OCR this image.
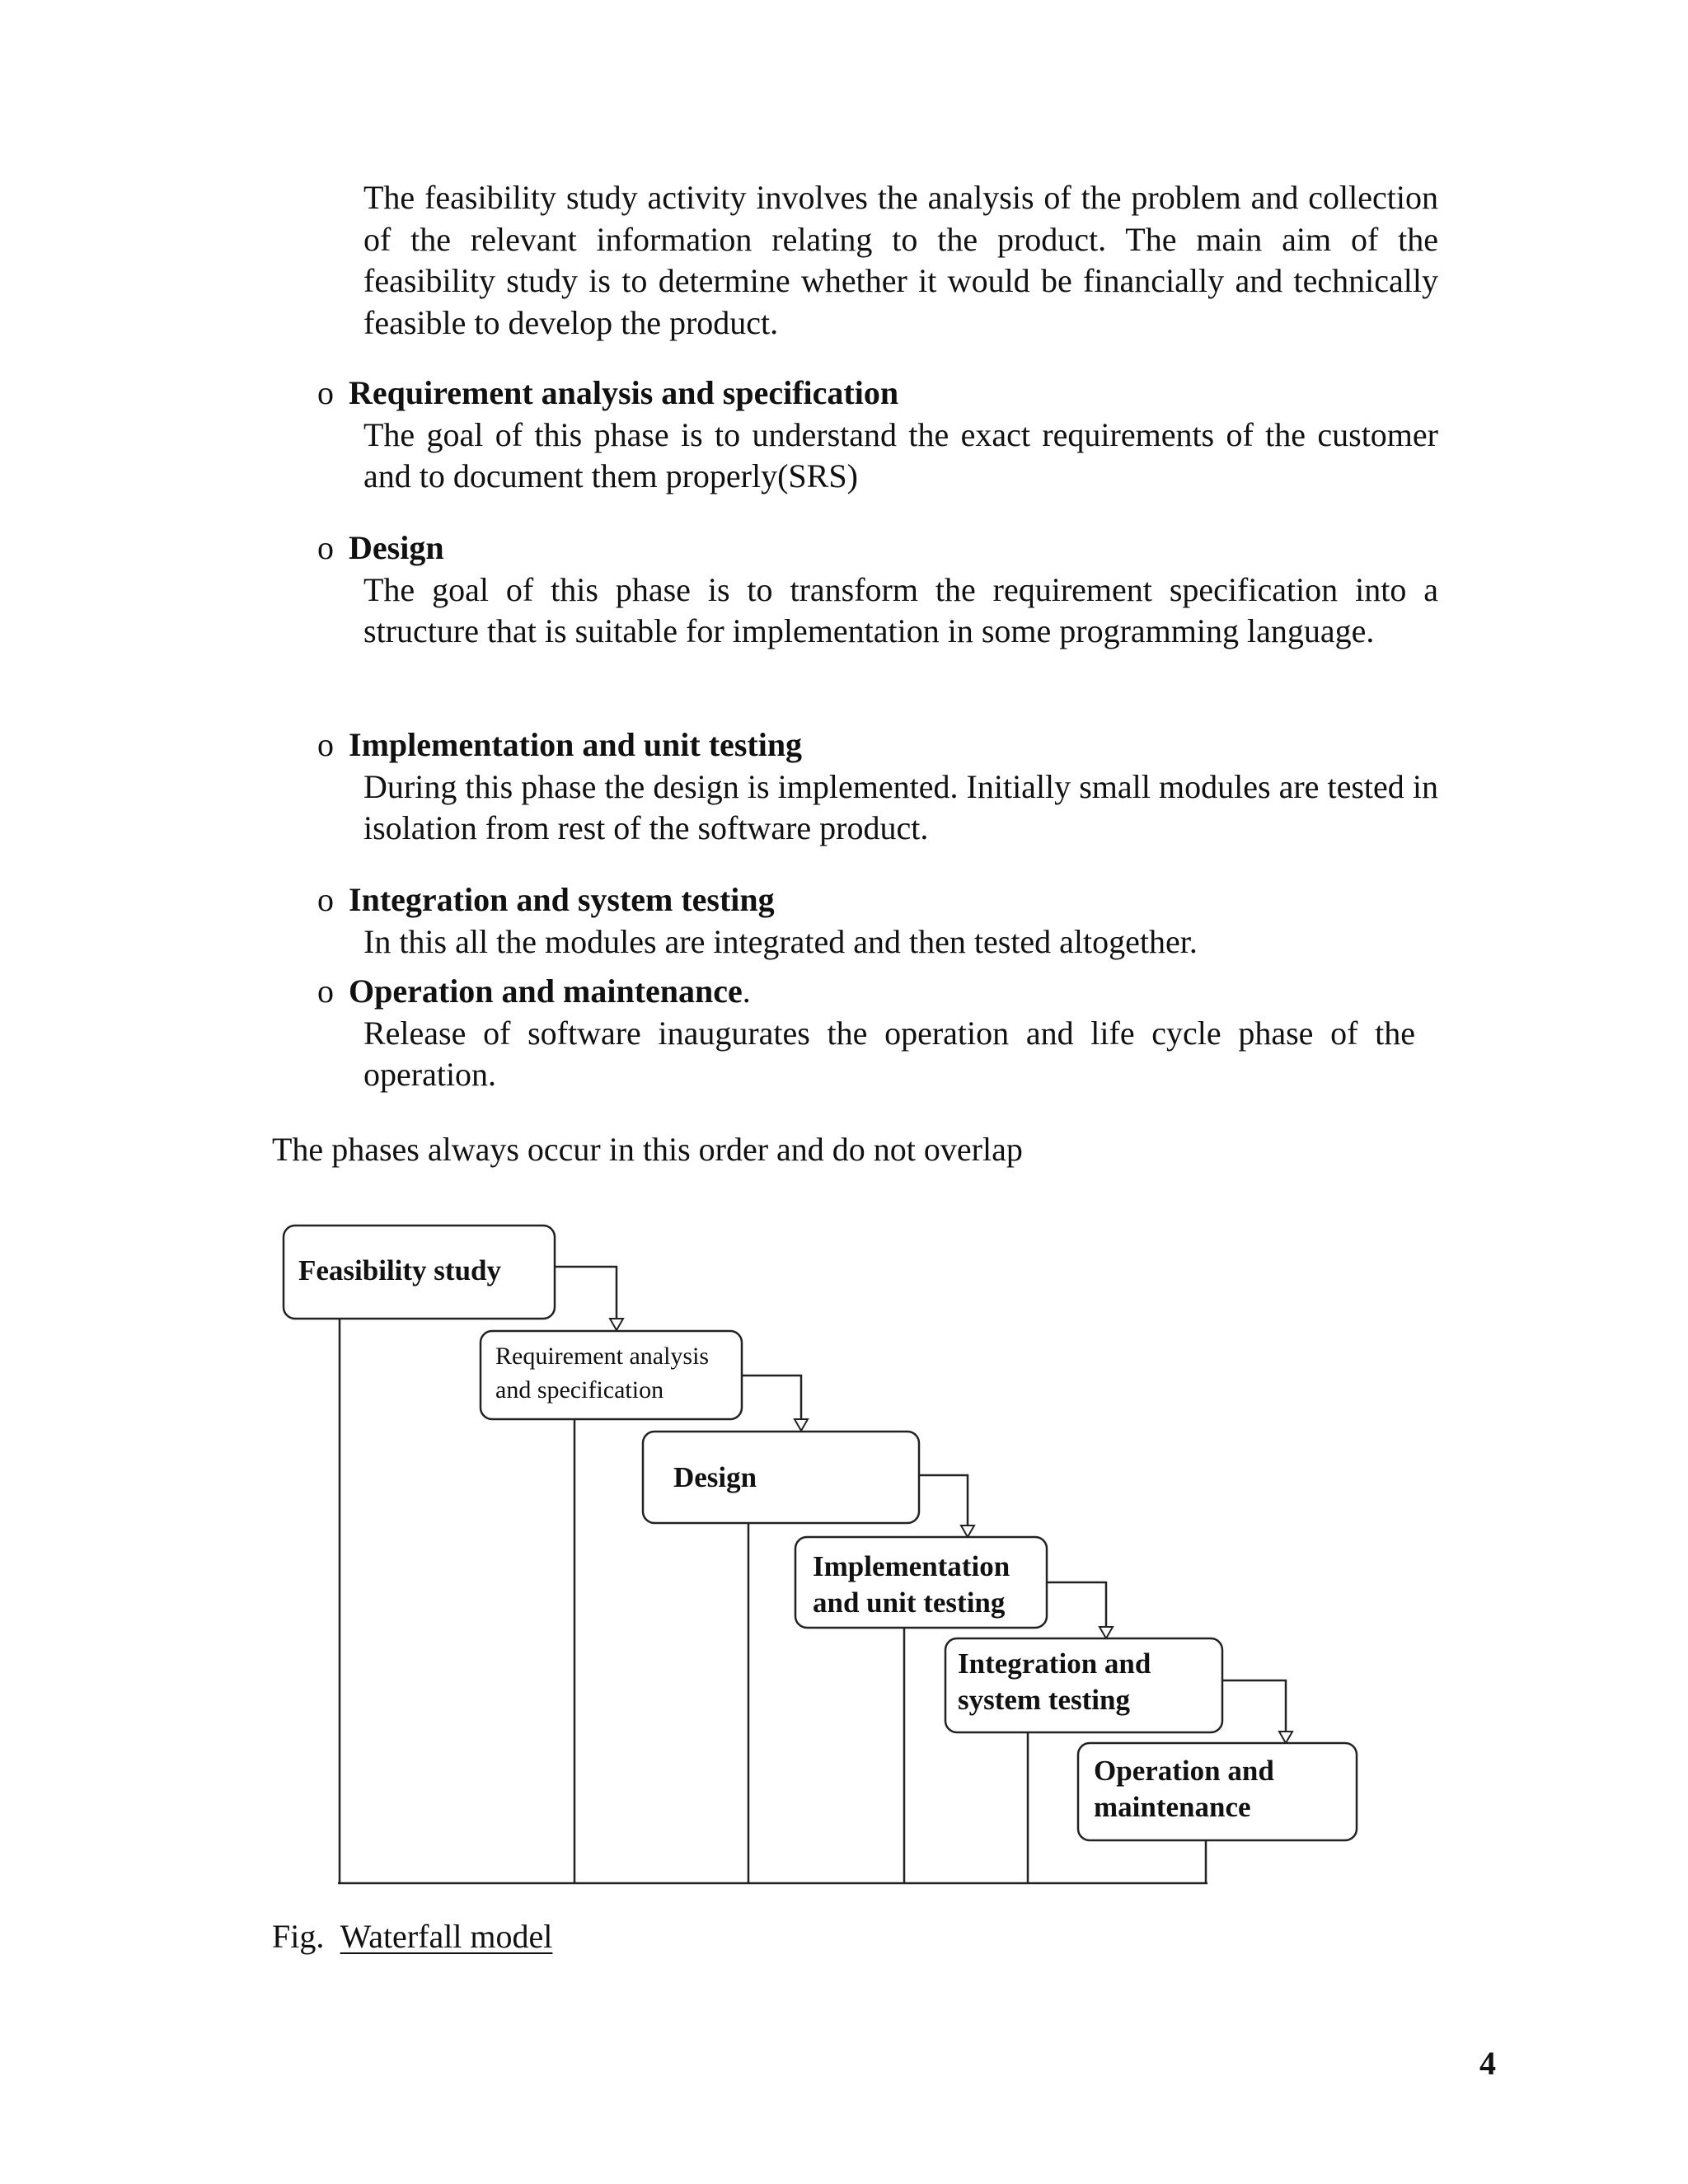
The feasibility study activity involves the analysis of the problem and collection of the relevant information relating to the product. The main aim of the feasibility study is to determine whether it would be financially and technically feasible to develop the product.

o Requirement analysis and specification
The goal of this phase is to understand the exact requirements of the customer and to document them properly(SRS)
o Design
The goal of this phase is to transform the requirement specification into a structure that is suitable for implementation in some programming language.
o Implementation and unit testing
During this phase the design is implemented. Initially small modules are tested in isolation from rest of the software product.
o Integration and system testing
In this all the modules are integrated and then tested altogether.
o Operation and maintenance.
Release of software inaugurates the operation and life cycle phase of the operation.
The phases always occur in this order and do not overlap
Feasibility study
Requirement analysis
and specification
Design
Implementation
and unit testing
Integration and
system testing
Operation and
maintenance
Fig. Waterfall model
4
